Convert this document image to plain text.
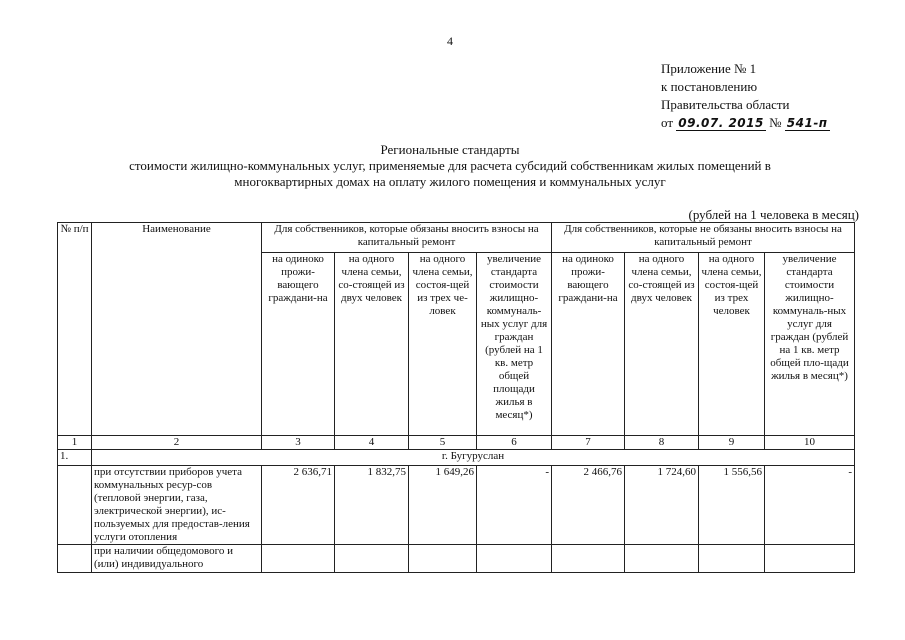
4
Приложение № 1
к постановлению
Правительства области
от 09.07. 2015 № 541-п
Региональные стандарты
стоимости жилищно-коммунальных услуг, применяемые для расчета субсидий собственникам жилых помещений в
многоквартирных домах на оплату жилого помещения и коммунальных услуг
(рублей на 1 человека в месяц)
№ п/п	Наименование	Для собственников, которые обязаны вносить взносы на капитальный ремонт				Для собственников, которые не обязаны вносить взносы на капитальный ремонт			
		на одиноко прожи-вающего граждани-на	на одного члена семьи, со-стоящей из двух человек	на одного члена семьи, состоя-щей из трех че-ловек	увеличение стандарта стоимости жилищно-коммуналь-ных услуг для граждан (рублей на 1 кв. метр общей площади жилья в месяц*)	на одиноко прожи-вающего граждани-на	на одного члена семьи, со-стоящей из двух человек	на одного члена семьи, состоя-щей из трех человек	увеличение стандарта стоимости жилищно-коммуналь-ных услуг для граждан (рублей на 1 кв. метр общей пло-щади жилья в месяц*)
1	2	3	4	5	6	7	8	9	10
1.	г. Бугуруслан								
	при отсутствии приборов учета коммунальных ресур-сов (тепловой энергии, газа, электрической энергии), ис-пользуемых для предостав-ления услуги отопления	2 636,71	1 832,75	1 649,26	-	2 466,76	1 724,60	1 556,56	-
	при наличии общедомового и (или) индивидуального								
